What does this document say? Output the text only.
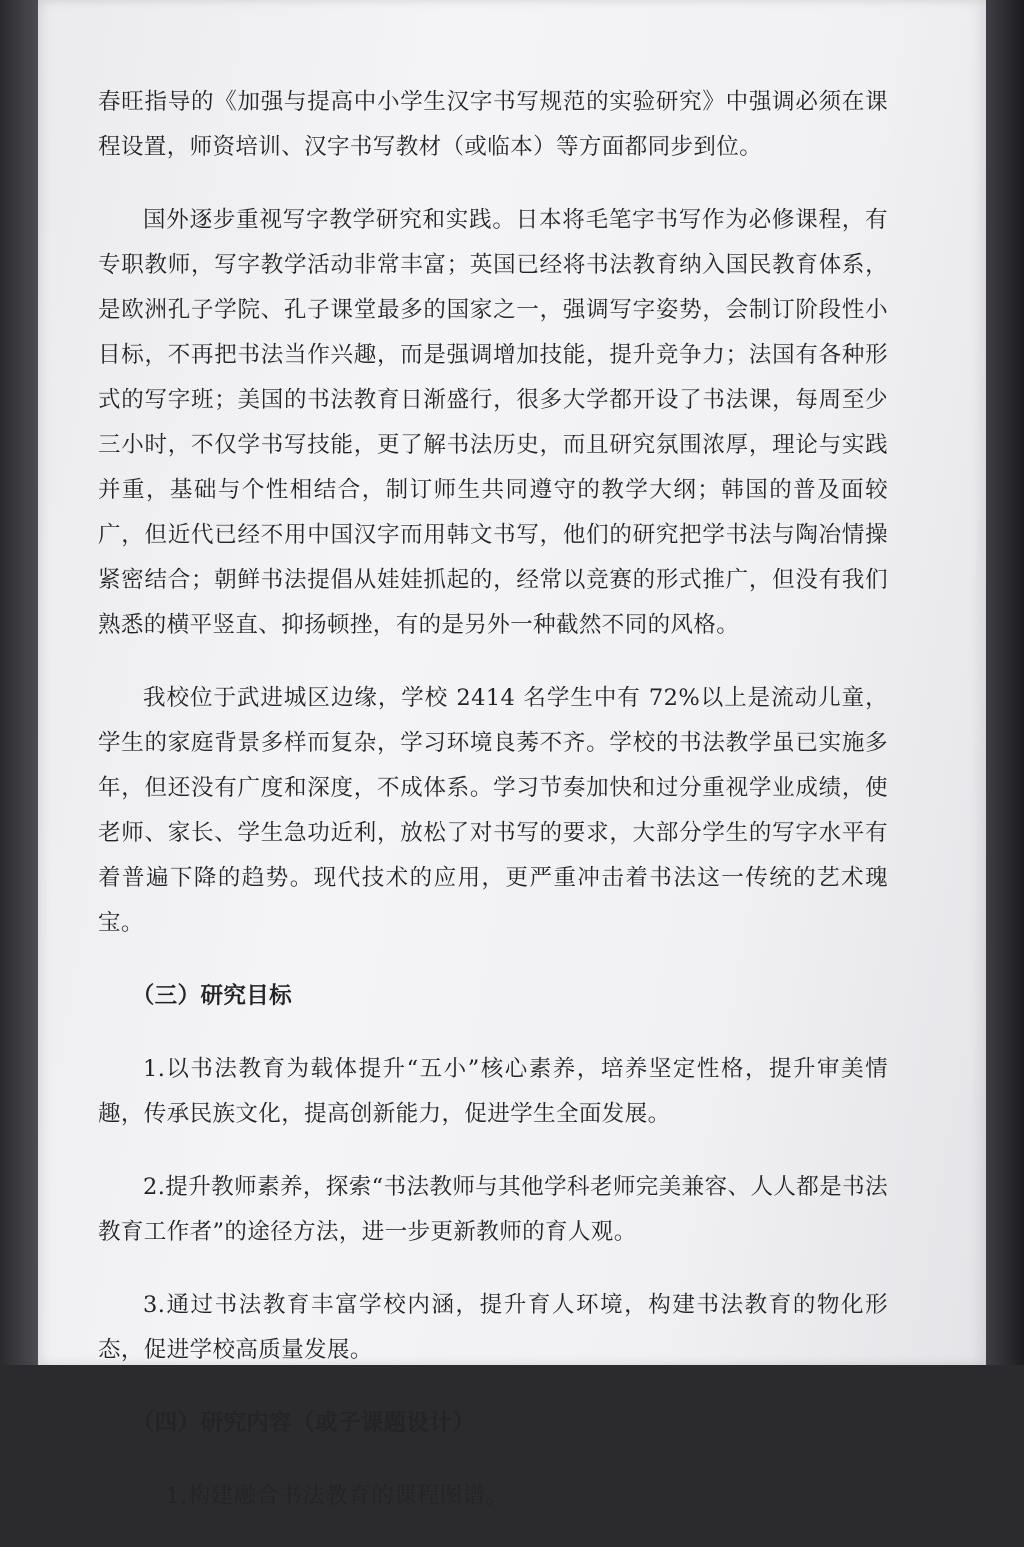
春旺指导的《加强与提高中小学生汉字书写规范的实验研究》中强调必须在课程设置，师资培训、汉字书写教材（或临本）等方面都同步到位。

国外逐步重视写字教学研究和实践。日本将毛笔字书写作为必修课程，有专职教师，写字教学活动非常丰富；英国已经将书法教育纳入国民教育体系，是欧洲孔子学院、孔子课堂最多的国家之一，强调写字姿势，会制订阶段性小目标，不再把书法当作兴趣，而是强调增加技能，提升竞争力；法国有各种形式的写字班；美国的书法教育日渐盛行，很多大学都开设了书法课，每周至少三小时，不仅学书写技能，更了解书法历史，而且研究氛围浓厚，理论与实践并重，基础与个性相结合，制订师生共同遵守的教学大纲；韩国的普及面较广，但近代已经不用中国汉字而用韩文书写，他们的研究把学书法与陶冶情操紧密结合；朝鲜书法提倡从娃娃抓起的，经常以竞赛的形式推广，但没有我们熟悉的横平竖直、抑扬顿挫，有的是另外一种截然不同的风格。

我校位于武进城区边缘，学校 2414 名学生中有 72%以上是流动儿童，学生的家庭背景多样而复杂，学习环境良莠不齐。学校的书法教学虽已实施多年，但还没有广度和深度，不成体系。学习节奏加快和过分重视学业成绩，使老师、家长、学生急功近利，放松了对书写的要求，大部分学生的写字水平有着普遍下降的趋势。现代技术的应用，更严重冲击着书法这一传统的艺术瑰宝。

（三）研究目标

1.以书法教育为载体提升“五小”核心素养，培养坚定性格，提升审美情趣，传承民族文化，提高创新能力，促进学生全面发展。

2.提升教师素养，探索“书法教师与其他学科老师完美兼容、人人都是书法教育工作者”的途径方法，进一步更新教师的育人观。

3.通过书法教育丰富学校内涵，提升育人环境，构建书法教育的物化形态，促进学校高质量发展。

（四）研究内容（或子课题设计）

1.构建融合书法教育的课程图谱。
